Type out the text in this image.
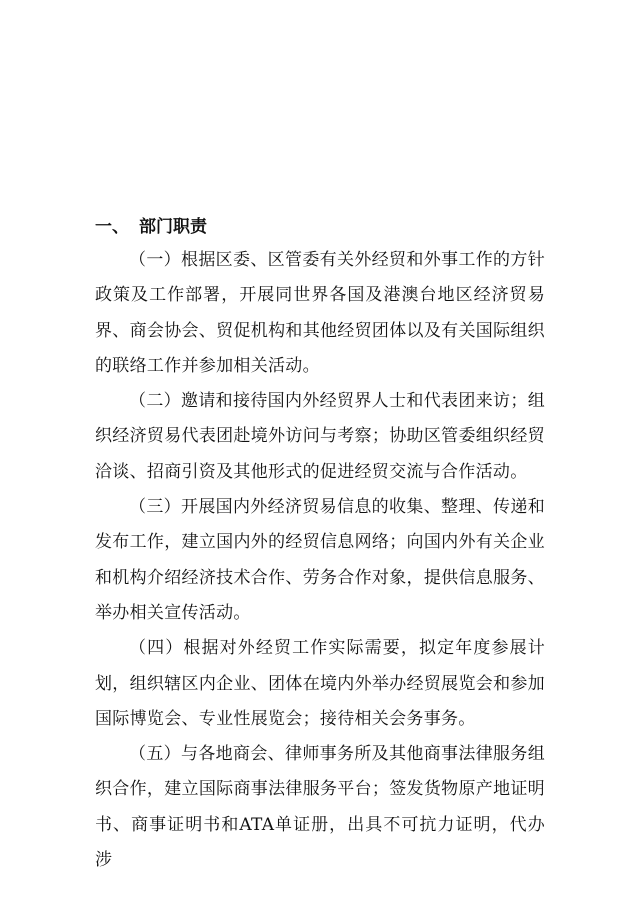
一、 部门职责

（一）根据区委、区管委有关外经贸和外事工作的方针政策及工作部署，开展同世界各国及港澳台地区经济贸易界、商会协会、贸促机构和其他经贸团体以及有关国际组织的联络工作并参加相关活动。

（二）邀请和接待国内外经贸界人士和代表团来访；组织经济贸易代表团赴境外访问与考察；协助区管委组织经贸洽谈、招商引资及其他形式的促进经贸交流与合作活动。

（三）开展国内外经济贸易信息的收集、整理、传递和发布工作，建立国内外的经贸信息网络；向国内外有关企业和机构介绍经济技术合作、劳务合作对象，提供信息服务、举办相关宣传活动。

（四）根据对外经贸工作实际需要，拟定年度参展计划，组织辖区内企业、团体在境内外举办经贸展览会和参加国际博览会、专业性展览会；接待相关会务事务。

（五）与各地商会、律师事务所及其他商事法律服务组织合作，建立国际商事法律服务平台；签发货物原产地证明书、商事证明书和ATA单证册，出具不可抗力证明，代办涉
